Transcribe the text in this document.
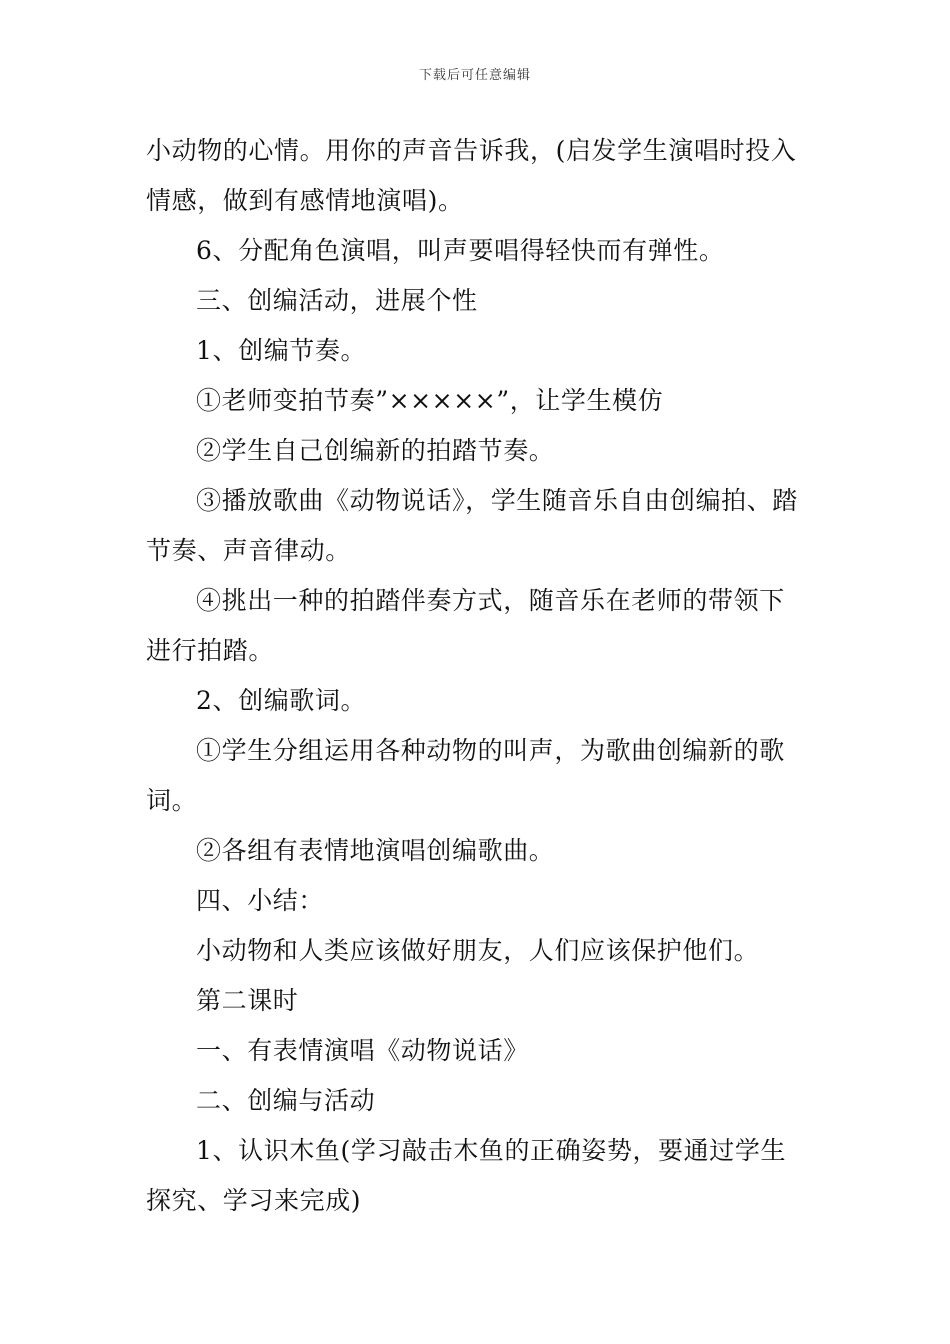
下载后可任意编辑

小动物的心情。用你的声音告诉我，(启发学生演唱时投入情感，做到有感情地演唱)。

6、分配角色演唱，叫声要唱得轻快而有弹性。

三、创编活动，进展个性

1、创编节奏。

①老师变拍节奏”×××××”，让学生模仿

②学生自己创编新的拍踏节奏。

③播放歌曲《动物说话》，学生随音乐自由创编拍、踏节奏、声音律动。

④挑出一种的拍踏伴奏方式，随音乐在老师的带领下进行拍踏。

2、创编歌词。

①学生分组运用各种动物的叫声，为歌曲创编新的歌词。

②各组有表情地演唱创编歌曲。

四、小结：

小动物和人类应该做好朋友，人们应该保护他们。

第二课时

一、有表情演唱《动物说话》

二、创编与活动

1、认识木鱼(学习敲击木鱼的正确姿势，要通过学生探究、学习来完成)
